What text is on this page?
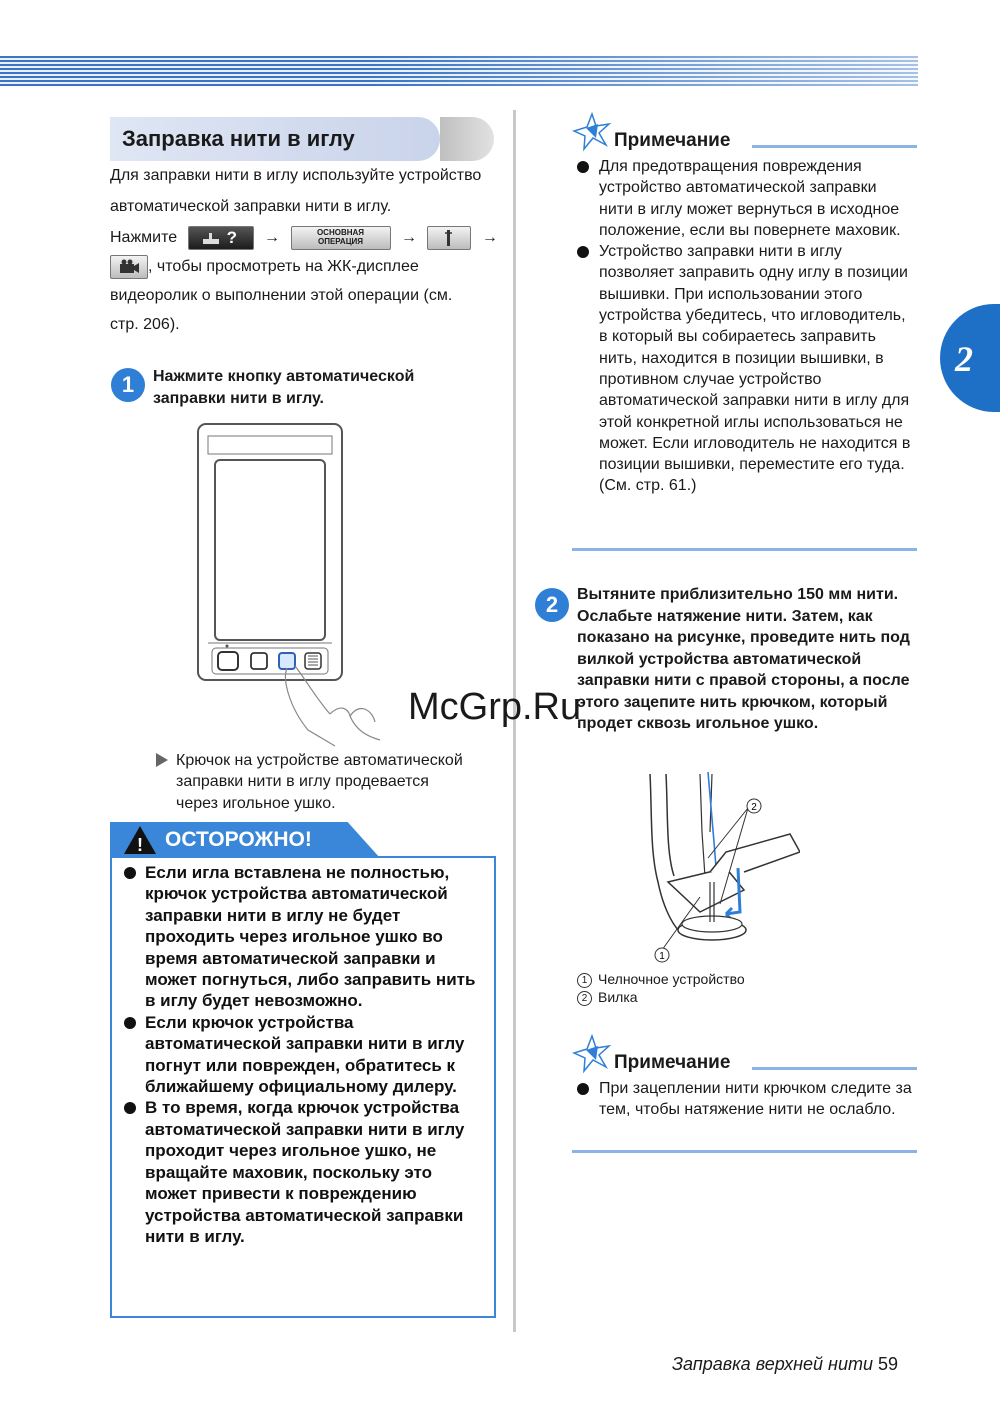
2
Заправка нити в иглу
Для заправки нити в иглу используйте устройство
автоматической заправки нити в иглу.
Нажмите	? →	ОСНОВНАЯ
ОПЕРАЦИЯ	→	→
, чтобы просмотреть на ЖК-дисплее
видеоролик о выполнении этой операции (см.
стр. 206).
1	Нажмите кнопку автоматической
заправки нити в иглу.
Крючок на устройстве автоматической
заправки нити в иглу продевается
через игольное ушко.
! ОСТОРОЖНО!
Если игла вставлена не полностью, крючок устройства автоматической заправки нити в иглу не будет проходить через игольное ушко во время автоматической заправки и может погнуться, либо заправить нить в иглу будет невозможно.
Если крючок устройства автоматической заправки нити в иглу погнут или поврежден, обратитесь к ближайшему официальному дилеру.
В то время, когда крючок устройства автоматической заправки нити в иглу проходит через игольное ушко, не вращайте маховик, поскольку это может привести к повреждению устройства автоматической заправки нити в иглу.
Примечание
Для предотвращения повреждения устройство автоматической заправки нити в иглу может вернуться в исходное положение, если вы повернете маховик.
Устройство заправки нити в иглу позволяет заправить одну иглу в позиции вышивки. При использовании этого устройства убедитесь, что игловодитель, в который вы собираетесь заправить нить, находится в позиции вышивки, в противном случае устройство автоматической заправки нити в иглу для этой конкретной иглы использоваться не может. Если игловодитель не находится в позиции вышивки, переместите его туда. (См. стр. 61.)
2	Вытяните приблизительно 150 мм нити. Ослабьте натяжение нити. Затем, как показано на рисунке, проведите нить под вилкой устройства автоматической заправки нити с правой стороны, а после этого зацепите нить крючком, который продет сквозь игольное ушко.
1
2
1 Челночное устройство
2 Вилка
Примечание
При зацеплении нити крючком следите за тем, чтобы натяжение нити не ослабло.
McGrp.Ru
Заправка верхней нити 59
